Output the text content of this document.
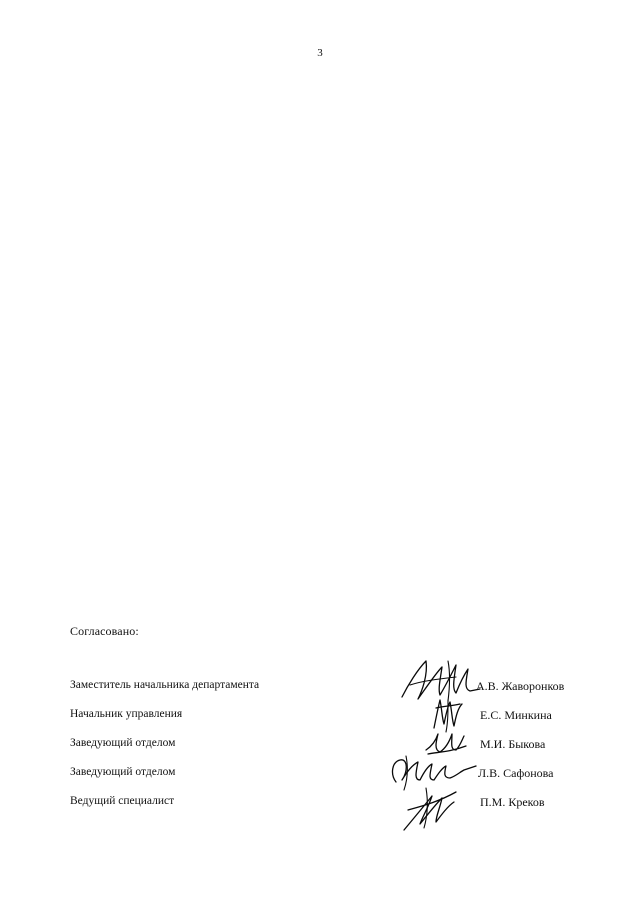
3
Согласовано:
Заместитель начальника департамента	А.В. Жаворонков
Начальник управления	Е.С. Минкина
Заведующий отделом	М.И. Быкова
Заведующий отделом	Л.В. Сафонова
Ведущий специалист	П.М. Креков
